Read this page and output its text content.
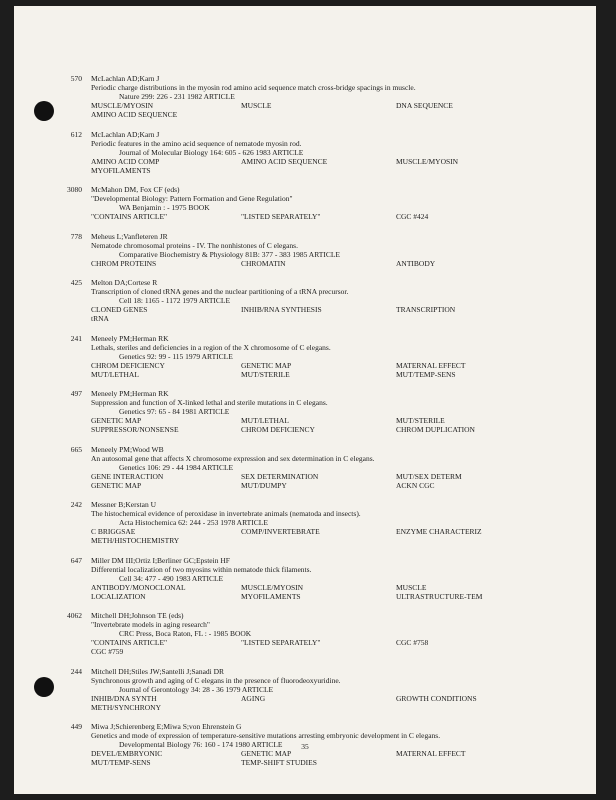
570 McLachlan AD;Karn J
Periodic charge distributions in the myosin rod amino acid sequence match cross-bridge spacings in muscle.
Nature 299: 226 - 231 1982 ARTICLE
MUSCLE/MYOSIN	MUSCLE	DNA SEQUENCE
AMINO ACID SEQUENCE
612 McLachlan AD;Karn J
Periodic features in the amino acid sequence of nematode myosin rod.
Journal of Molecular Biology 164: 605 - 626 1983 ARTICLE
AMINO ACID COMP	AMINO ACID SEQUENCE	MUSCLE/MYOSIN
MYOFILAMENTS
3080 McMahon DM, Fox CF (eds)
"Developmental Biology: Pattern Formation and Gene Regulation"
WA Benjamin : - 1975 BOOK
"CONTAINS ARTICLE"	"LISTED SEPARATELY"	CGC #424
778 Meheus L;Vanfleteren JR
Nematode chromosomal proteins - IV. The nonhistones of C elegans.
Comparative Biochemistry & Physiology 81B: 377 - 383 1985 ARTICLE
CHROM PROTEINS	CHROMATIN	ANTIBODY
425 Melton DA;Cortese R
Transcription of cloned tRNA genes and the nuclear partitioning of a tRNA precursor.
Cell 18: 1165 - 1172 1979 ARTICLE
CLONED GENES	INHIB/RNA SYNTHESIS	TRANSCRIPTION
tRNA
241 Meneely PM;Herman RK
Lethals, steriles and deficiencies in a region of the X chromosome of C elegans.
Genetics 92: 99 - 115 1979 ARTICLE
CHROM DEFICIENCY	GENETIC MAP	MATERNAL EFFECT
MUT/LETHAL	MUT/STERILE	MUT/TEMP-SENS
497 Meneely PM;Herman RK
Suppression and function of X-linked lethal and sterile mutations in C elegans.
Genetics 97: 65 - 84 1981 ARTICLE
GENETIC MAP	MUT/LETHAL	MUT/STERILE
SUPPRESSOR/NONSENSE	CHROM DEFICIENCY	CHROM DUPLICATION
665 Meneely PM;Wood WB
An autosomal gene that affects X chromosome expression and sex determination in C elegans.
Genetics 106: 29 - 44 1984 ARTICLE
GENE INTERACTION	SEX DETERMINATION	MUT/SEX DETERM
GENETIC MAP	MUT/DUMPY	ACKN CGC
242 Messner B;Kerstan U
The histochemical evidence of peroxidase in invertebrate animals (nematoda and insects).
Acta Histochemica 62: 244 - 253 1978 ARTICLE
C BRIGGSAE	COMP/INVERTEBRATE	ENZYME CHARACTERIZ
METH/HISTOCHEMISTRY
647 Miller DM III;Ortiz I;Berliner GC;Epstein HF
Differential localization of two myosins within nematode thick filaments.
Cell 34: 477 - 490 1983 ARTICLE
ANTIBODY/MONOCLONAL	MUSCLE/MYOSIN	MUSCLE
LOCALIZATION	MYOFILAMENTS	ULTRASTRUCTURE-TEM
4062 Mitchell DH;Johnson TE (eds)
"Invertebrate models in aging research"
CRC Press, Boca Raton, FL : - 1985 BOOK
"CONTAINS ARTICLE"	"LISTED SEPARATELY"	CGC #758
CGC #759
244 Mitchell DH;Stiles JW;Santelli J;Sanadi DR
Synchronous growth and aging of C elegans in the presence of fluorodeoxyuridine.
Journal of Gerontology 34: 28 - 36 1979 ARTICLE
INHIB/DNA SYNTH	AGING	GROWTH CONDITIONS
METH/SYNCHRONY
449 Miwa J;Schierenberg E;Miwa S;von Ehrenstein G
Genetics and mode of expression of temperature-sensitive mutations arresting embryonic development in C elegans.
Developmental Biology 76: 160 - 174 1980 ARTICLE
DEVEL/EMBRYONIC	GENETIC MAP	MATERNAL EFFECT
MUT/TEMP-SENS	TEMP-SHIFT STUDIES
35
